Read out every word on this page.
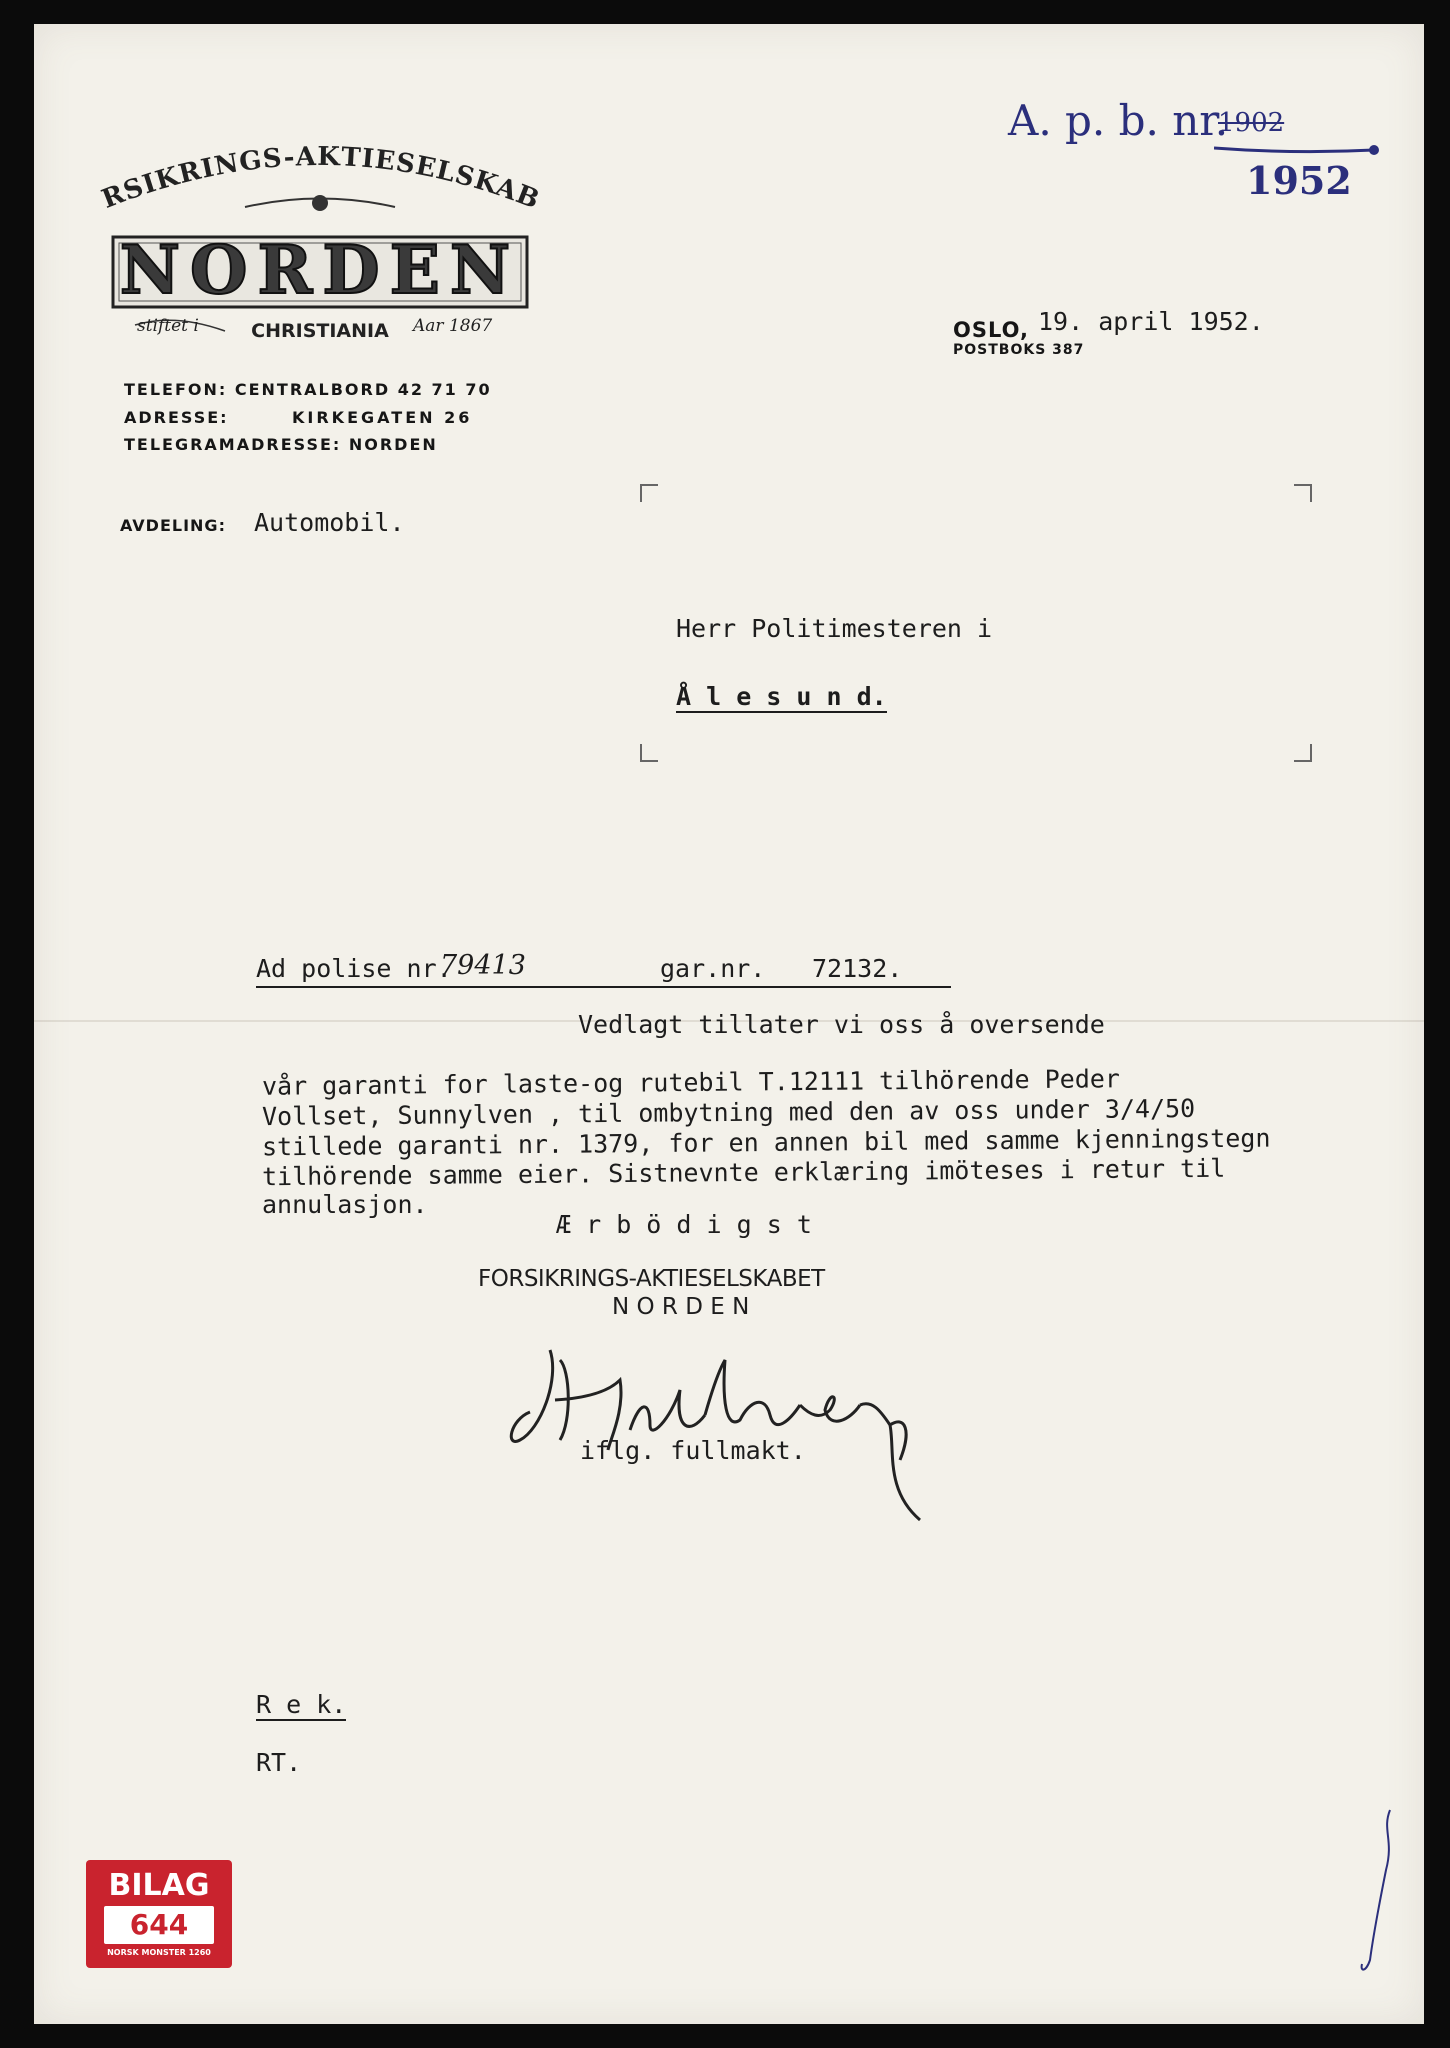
A. p. b. nr.
1902
1952
RSIKRINGS-AKTIESELSKAB
NORDEN
stiftet i	CHRISTIANIA Aar 1867
TELEFON: CENTRALBORD 42 71 70
ADRESSE:	KIRKEGATEN 26
TELEGRAMADRESSE: NORDEN
AVDELING: Automobil.
OSLO, 19. april 1952.
POSTBOKS 387
Herr Politimesteren i
Å l e s u n d.
Ad polise nr.
79413	gar.nr. 72132.
Vedlagt tillater vi oss å oversende
vår garanti for laste-og rutebil T.12111 tilhörende Peder
Vollset, Sunnylven , til ombytning med den av oss under 3/4/50
stillede garanti nr. 1379, for en annen bil med samme kjenningstegn
tilhörende samme eier. Sistnevnte erklæring imöteses i retur til
annulasjon.
Æ r b ö d i g s t
FORSIKRINGS-AKTIESELSKABET
N O R D E N
iflg. fullmakt.
R e k.
RT.
BILAG
644
NORSK MONSTER 1260
